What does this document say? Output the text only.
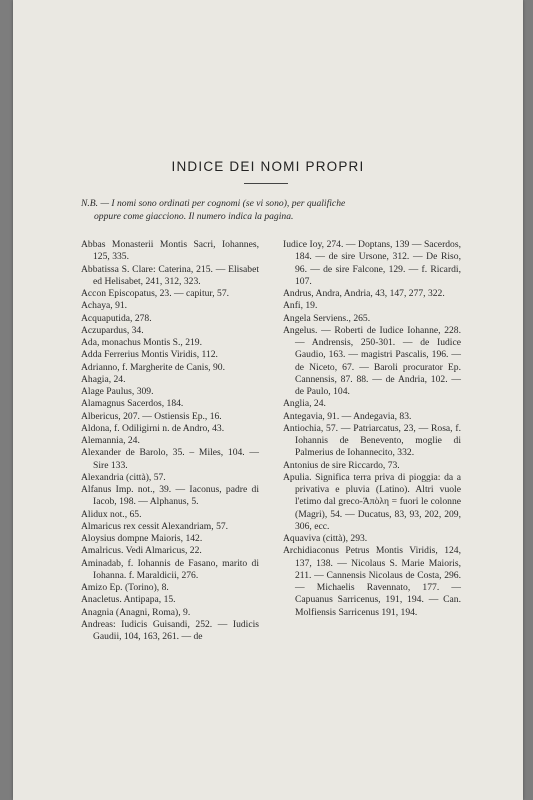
INDICE DEI NOMI PROPRI
N.B. — I nomi sono ordinati per cognomi (se vi sono), per qualifiche
oppure come giacciono. Il numero indica la pagina.
Abbas Monasterii Montis Sacri, Iohannes, 125, 335.
Abbatissa S. Clare: Caterina, 215. — Elisabet ed Helisabet, 241, 312, 323.
Accon Episcopatus, 23. — capitur, 57.
Achaya, 91.
Acquaputida, 278.
Aczupardus, 34.
Ada, monachus Montis S., 219.
Adda Ferrerius Montis Viridis, 112.
Adrianno, f. Margherite de Canis, 90.
Ahagia, 24.
Alage Paulus, 309.
Alamagnus Sacerdos, 184.
Albericus, 207. — Ostiensis Ep., 16.
Aldona, f. Odiligirni n. de Andro, 43.
Alemannia, 24.
Alexander de Barolo, 35. – Miles, 104. — Sire 133.
Alexandria (città), 57.
Alfanus Imp. not., 39. — Iaconus, padre di Iacob, 198. — Alphanus, 5.
Alidux not., 65.
Almaricus rex cessit Alexandriam, 57.
Aloysius dompne Maioris, 142.
Amalricus. Vedi Almaricus, 22.
Aminadab, f. Iohannis de Fasano, marito di Iohanna. f. Maraldicii, 276.
Amizo Ep. (Torino), 8.
Anacletus. Antipapa, 15.
Anagnia (Anagni, Roma), 9.
Andreas: Iudicis Guisandi, 252. — Iudicis Gaudii, 104, 163, 261. — de
Iudice Ioy, 274. — Doptans, 139 — Sacerdos, 184. — de sire Ursone, 312. — De Riso, 96. — de sire Falcone, 129. — f. Ricardi, 107.
Andrus, Andra, Andria, 43, 147, 277, 322.
Anfi, 19.
Angela Serviens., 265.
Angelus. — Roberti de Iudice Iohanne, 228. — Andrensis, 250-301. — de Iudice Gaudio, 163. — magistri Pascalis, 196. — de Niceto, 67. — Baroli procurator Ep. Cannensis, 87. 88. — de Andria, 102. — de Paulo, 104.
Anglia, 24.
Antegavia, 91. — Andegavia, 83.
Antiochia, 57. — Patriarcatus, 23, — Rosa, f. Iohannis de Benevento, moglie di Palmerius de Iohannecito, 332.
Antonius de sire Riccardo, 73.
Apulia. Significa terra priva di pioggia: da a privativa e pluvia (Latino). Altri vuole l'etimo dal greco-Άπὸλη = fuori le colonne (Magri), 54. — Ducatus, 83, 93, 202, 209, 306, ecc.
Aquaviva (città), 293.
Archidiaconus Petrus Montis Viridis, 124, 137, 138. — Nicolaus S. Marie Maioris, 211. — Cannensis Nicolaus de Costa, 296. — Michaelis Ravennato, 177. — Capuanus Sarricenus, 191, 194. — Can. Molfiensis Sarricenus 191, 194.
